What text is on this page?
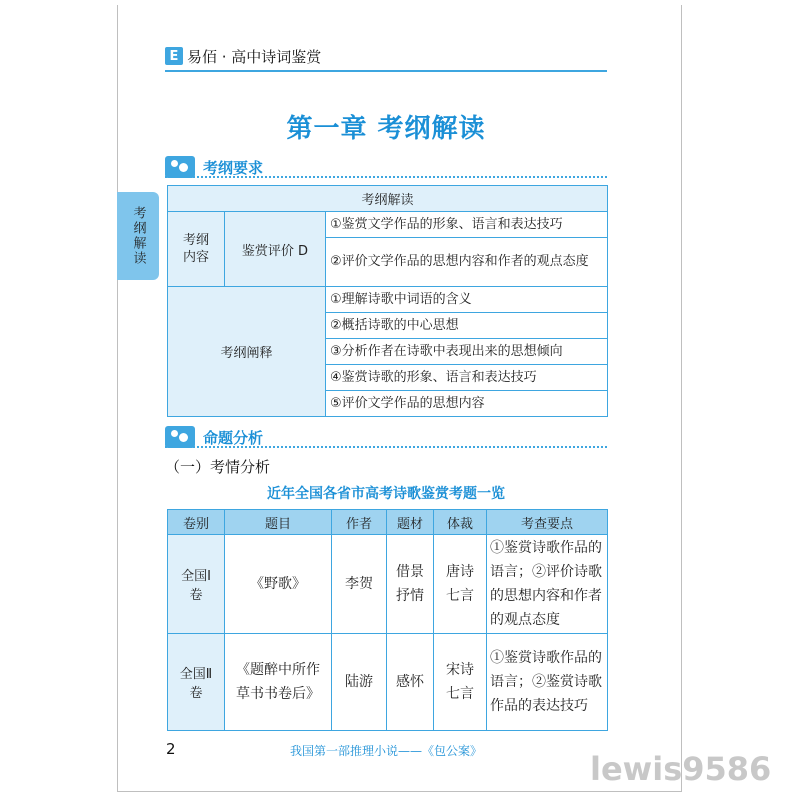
E 易佰 · 高中诗词鉴赏
第一章 考纲解读
考纲解读
考纲要求
考纲解读		
考纲内容	鉴赏评价 D	①鉴赏文学作品的形象、语言和表达技巧
		②评价文学作品的思想内容和作者的观点态度
考纲阐释		①理解诗歌中词语的含义
		②概括诗歌的中心思想
		③分析作者在诗歌中表现出来的思想倾向
		④鉴赏诗歌的形象、语言和表达技巧
		⑤评价文学作品的思想内容
命题分析
（一）考情分析
近年全国各省市高考诗歌鉴赏考题一览
卷别	题目	作者	题材	体裁	考查要点
全国Ⅰ卷	《野歌》	李贺	借景抒情	唐诗七言	①鉴赏诗歌作品的语言；②评价诗歌的思想内容和作者的观点态度
全国Ⅱ卷	《题醉中所作草书书卷后》	陆游	感怀	宋诗七言	①鉴赏诗歌作品的语言；②鉴赏诗歌作品的表达技巧
2	我国第一部推理小说——《包公案》	lewis9586
